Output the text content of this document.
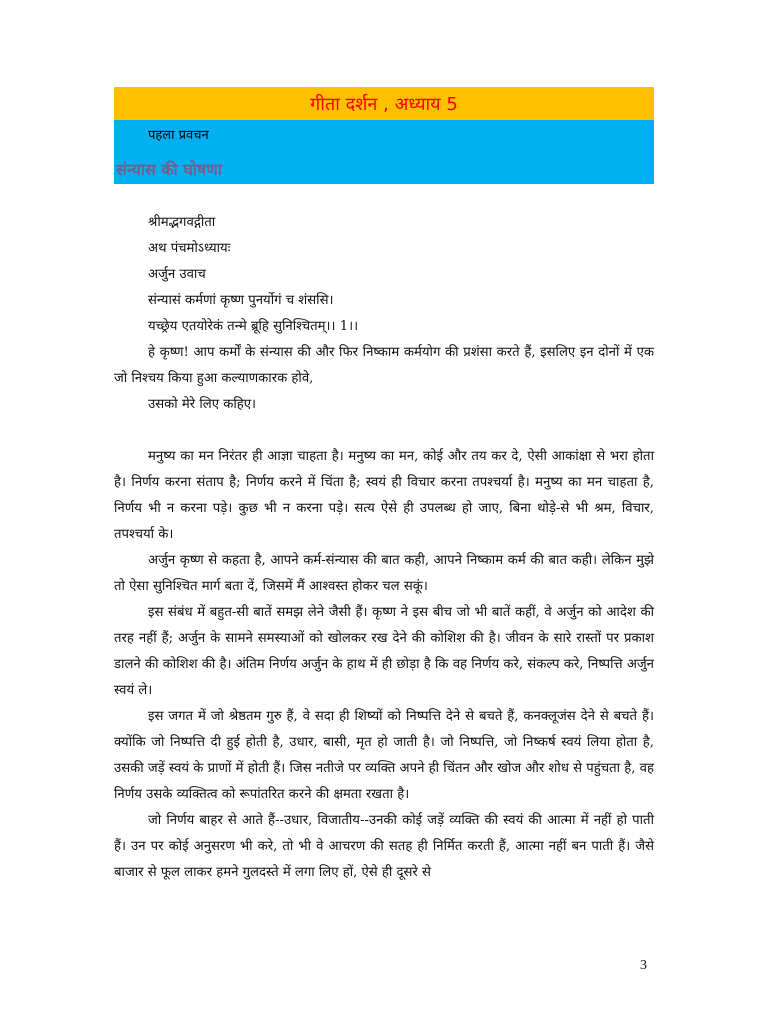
गीता दर्शन , अध्याय 5
पहला प्रवचन
संन्यास की घोषणा

श्रीमद्भगवद्गीता

अथ पंचमोऽध्यायः

अर्जुन उवाच

संन्यासं कर्मणां कृष्ण पुनर्योगं च शंससि।

यच्छ्रेय एतयोरेकं तन्मे ब्रूहि सुनिश्चितम्।। 1।।

हे कृष्ण! आप कर्मों के संन्यास की और फिर निष्काम कर्मयोग की प्रशंसा करते हैं, इसलिए इन दोनों में एक जो निश्चय किया हुआ कल्याणकारक होवे,

उसको मेरे लिए कहिए।

मनुष्य का मन निरंतर ही आज्ञा चाहता है। मनुष्य का मन, कोई और तय कर दे, ऐसी आकांक्षा से भरा होता है। निर्णय करना संताप है; निर्णय करने में चिंता है; स्वयं ही विचार करना तपश्चर्या है। मनुष्य का मन चाहता है, निर्णय भी न करना पड़े। कुछ भी न करना पड़े। सत्य ऐसे ही उपलब्ध हो जाए, बिना थोड़े-से भी श्रम, विचार, तपश्चर्या के।

अर्जुन कृष्ण से कहता है, आपने कर्म-संन्यास की बात कही, आपने निष्काम कर्म की बात कही। लेकिन मुझे तो ऐसा सुनिश्चित मार्ग बता दें, जिसमें मैं आश्वस्त होकर चल सकूं।

इस संबंध में बहुत-सी बातें समझ लेने जैसी हैं। कृष्ण ने इस बीच जो भी बातें कहीं, वे अर्जुन को आदेश की तरह नहीं हैं; अर्जुन के सामने समस्याओं को खोलकर रख देने की कोशिश की है। जीवन के सारे रास्तों पर प्रकाश डालने की कोशिश की है। अंतिम निर्णय अर्जुन के हाथ में ही छोड़ा है कि वह निर्णय करे, संकल्प करे, निष्पत्ति अर्जुन स्वयं ले।

इस जगत में जो श्रेष्ठतम गुरु हैं, वे सदा ही शिष्यों को निष्पत्ति देने से बचते हैं, कनक्लूजंस देने से बचते हैं। क्योंकि जो निष्पत्ति दी हुई होती है, उधार, बासी, मृत हो जाती है। जो निष्पत्ति, जो निष्कर्ष स्वयं लिया होता है, उसकी जड़ें स्वयं के प्राणों में होती हैं। जिस नतीजे पर व्यक्ति अपने ही चिंतन और खोज और शोध से पहुंचता है, वह निर्णय उसके व्यक्तित्व को रूपांतरित करने की क्षमता रखता है।

जो निर्णय बाहर से आते हैं--उधार, विजातीय--उनकी कोई जड़ें व्यक्ति की स्वयं की आत्मा में नहीं हो पाती हैं। उन पर कोई अनुसरण भी करे, तो भी वे आचरण की सतह ही निर्मित करती हैं, आत्मा नहीं बन पाती हैं। जैसे बाजार से फूल लाकर हमने गुलदस्ते में लगा लिए हों, ऐसे ही दूसरे से

3
